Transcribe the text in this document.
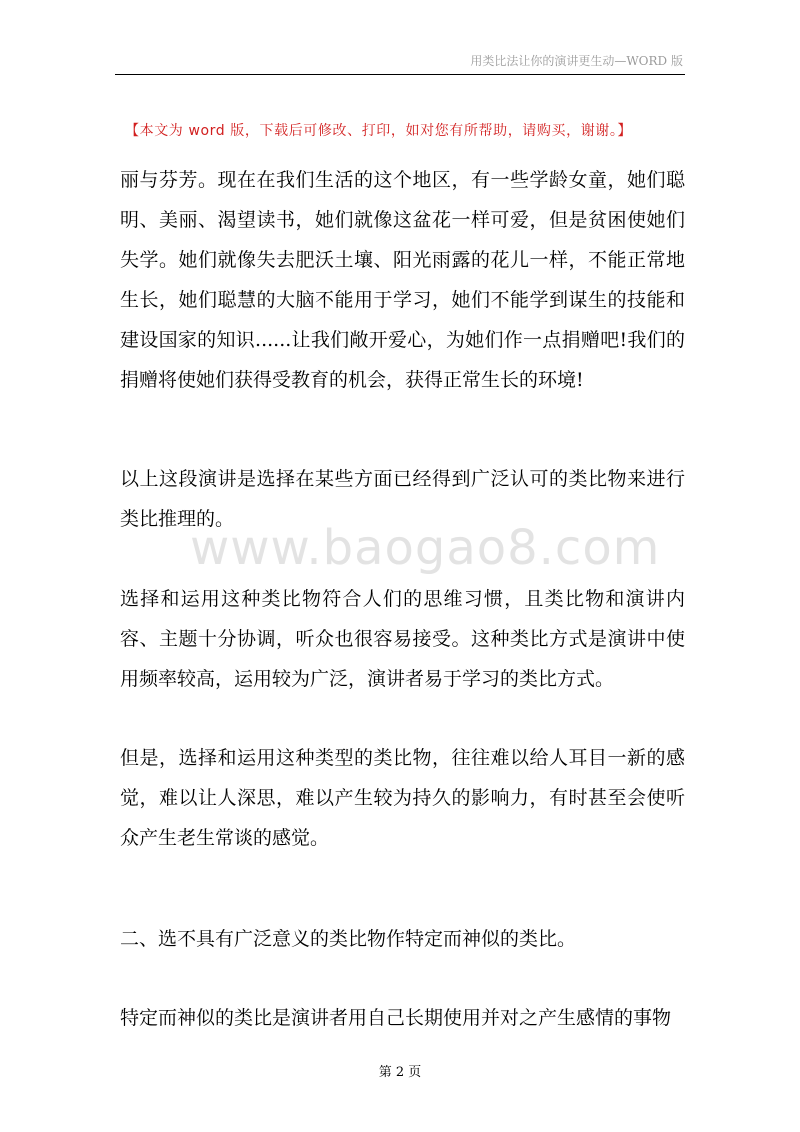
用类比法让你的演讲更生动—WORD 版
【本文为 word 版，下载后可修改、打印，如对您有所帮助，请购买，谢谢。】
www.baogao8.com

丽与芬芳。现在在我们生活的这个地区，有一些学龄女童，她们聪明、美丽、渴望读书，她们就像这盆花一样可爱，但是贫困使她们失学。她们就像失去肥沃土壤、阳光雨露的花儿一样，不能正常地生长，她们聪慧的大脑不能用于学习，她们不能学到谋生的技能和建设国家的知识......让我们敞开爱心，为她们作一点捐赠吧!我们的捐赠将使她们获得受教育的机会，获得正常生长的环境!

以上这段演讲是选择在某些方面已经得到广泛认可的类比物来进行类比推理的。

选择和运用这种类比物符合人们的思维习惯，且类比物和演讲内容、主题十分协调，听众也很容易接受。这种类比方式是演讲中使用频率较高，运用较为广泛，演讲者易于学习的类比方式。

但是，选择和运用这种类型的类比物，往往难以给人耳目一新的感觉，难以让人深思，难以产生较为持久的影响力，有时甚至会使听众产生老生常谈的感觉。

二、选不具有广泛意义的类比物作特定而神似的类比。

特定而神似的类比是演讲者用自己长期使用并对之产生感情的事物

第 2 页
